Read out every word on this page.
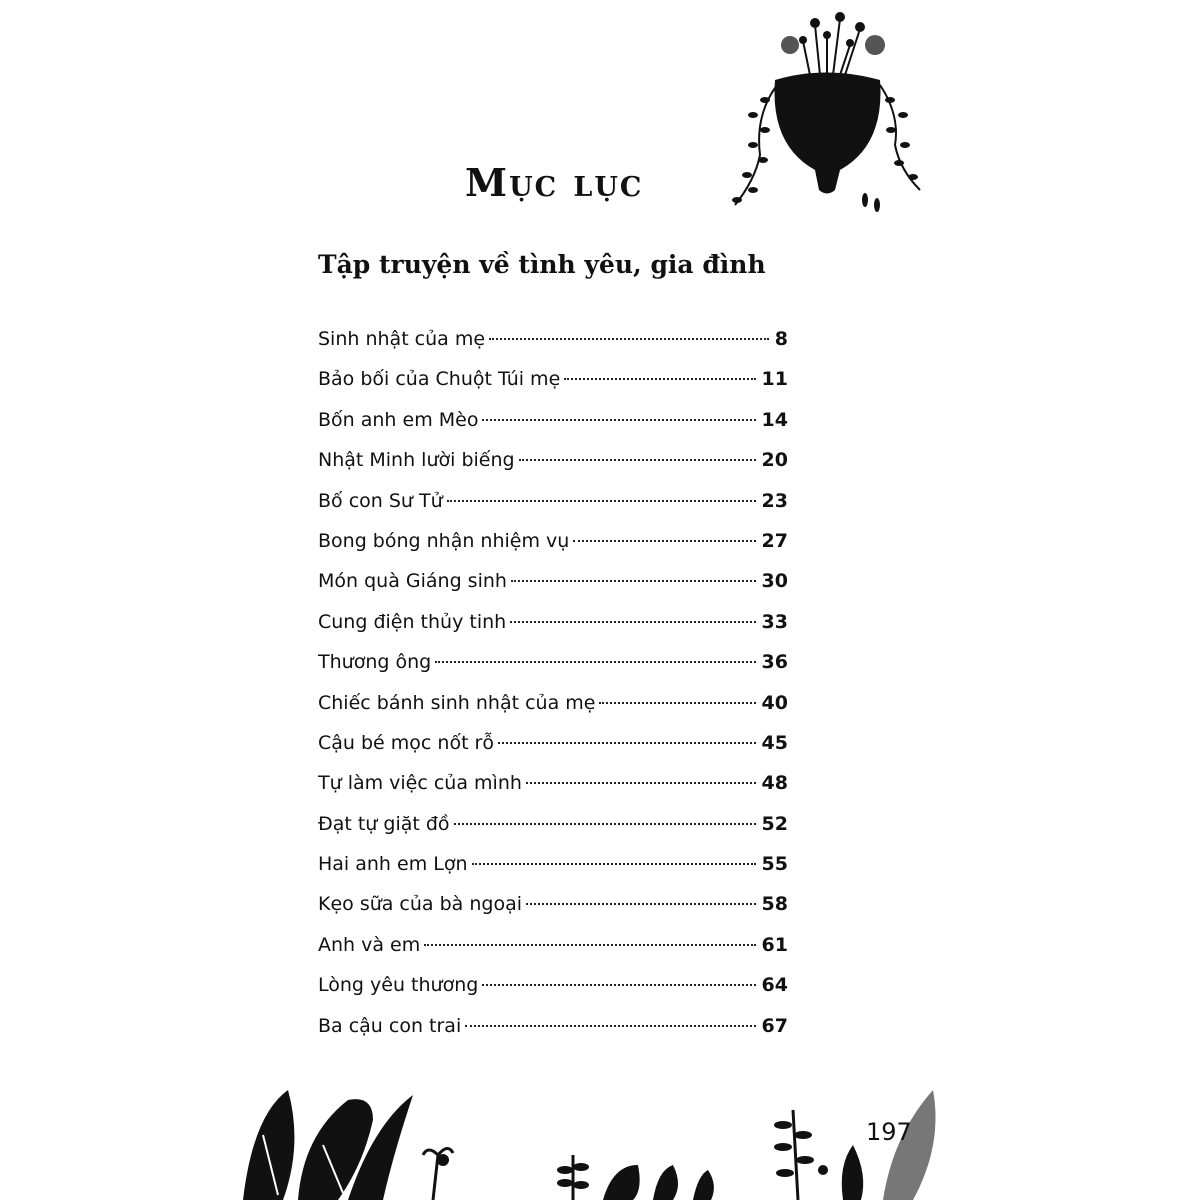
Mục lục
Tập truyện về tình yêu, gia đình
Sinh nhật của mẹ	8
Bảo bối của Chuột Túi mẹ	11
Bốn anh em Mèo	14
Nhật Minh lười biếng	20
Bố con Sư Tử	23
Bong bóng nhận nhiệm vụ	27
Món quà Giáng sinh	30
Cung điện thủy tinh	33
Thương ông	36
Chiếc bánh sinh nhật của mẹ	40
Cậu bé mọc nốt rỗ	45
Tự làm việc của mình	48
Đạt tự giặt đồ	52
Hai anh em Lợn	55
Kẹo sữa của bà ngoại	58
Anh và em	61
Lòng yêu thương	64
Ba cậu con trai	67
197
